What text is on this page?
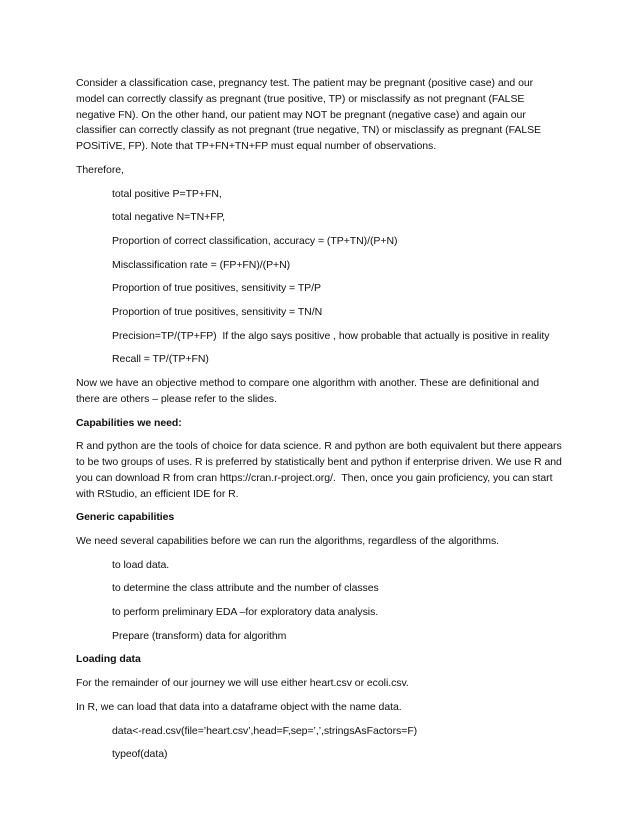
Consider a classification case, pregnancy test. The patient may be pregnant (positive case) and our model can correctly classify as pregnant (true positive, TP) or misclassify as not pregnant (FALSE negative FN). On the other hand, our patient may NOT be pregnant (negative case) and again our classifier can correctly classify as not pregnant (true negative, TN) or misclassify as pregnant (FALSE POSiTiVE, FP). Note that TP+FN+TN+FP must equal number of observations.

Therefore,

total positive P=TP+FN,

total negative N=TN+FP,

Proportion of correct classification, accuracy = (TP+TN)/(P+N)

Misclassification rate = (FP+FN)/(P+N)

Proportion of true positives, sensitivity = TP/P

Proportion of true positives, sensitivity = TN/N

Precision=TP/(TP+FP)  If the algo says positive , how probable that actually is positive in reality

Recall = TP/(TP+FN)

Now we have an objective method to compare one algorithm with another. These are definitional and there are others – please refer to the slides.

Capabilities we need:

R and python are the tools of choice for data science. R and python are both equivalent but there appears to be two groups of uses. R is preferred by statistically bent and python if enterprise driven. We use R and you can download R from cran https://cran.r-project.org/.  Then, once you gain proficiency, you can start with RStudio, an efficient IDE for R.

Generic capabilities

We need several capabilities before we can run the algorithms, regardless of the algorithms.

to load data.

to determine the class attribute and the number of classes

to perform preliminary EDA –for exploratory data analysis.

Prepare (transform) data for algorithm

Loading data

For the remainder of our journey we will use either heart.csv or ecoli.csv.

In R, we can load that data into a dataframe object with the name data.

data<-read.csv(file=’heart.csv’,head=F,sep=’,’,stringsAsFactors=F)

typeof(data)
